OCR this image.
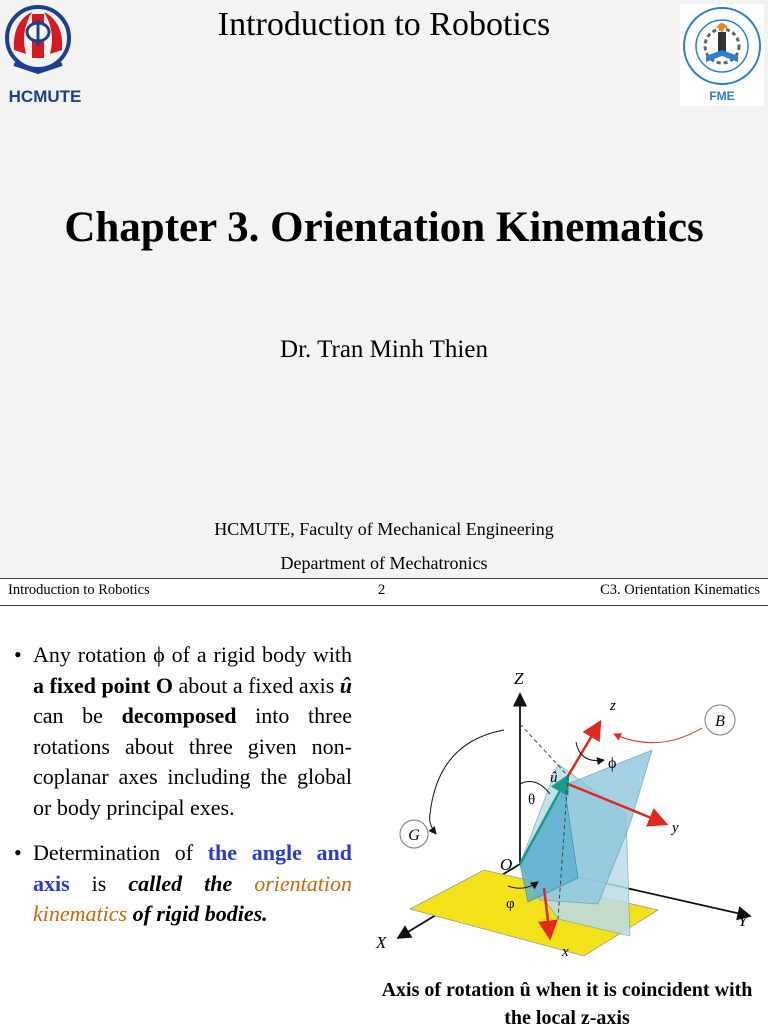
HCMUTE
Introduction to Robotics
FME
Chapter 3. Orientation Kinematics
Dr. Tran Minh Thien
HCMUTE, Faculty of Mechanical Engineering
Department of Mechatronics
Introduction to Robotics	2	C3. Orientation Kinematics
• Any rotation ϕ of a rigid body with a fixed point O about a fixed axis û can be decomposed into three rotations about three given non-coplanar axes including the global or body principal exes.
• Determination of the angle and axis is called the orientation kinematics of rigid bodies.
G
B
Z
z
û
ϕ
θ
y
Y
O
X	x
φ
Axis of rotation û when it is coincident with the local z-axis
